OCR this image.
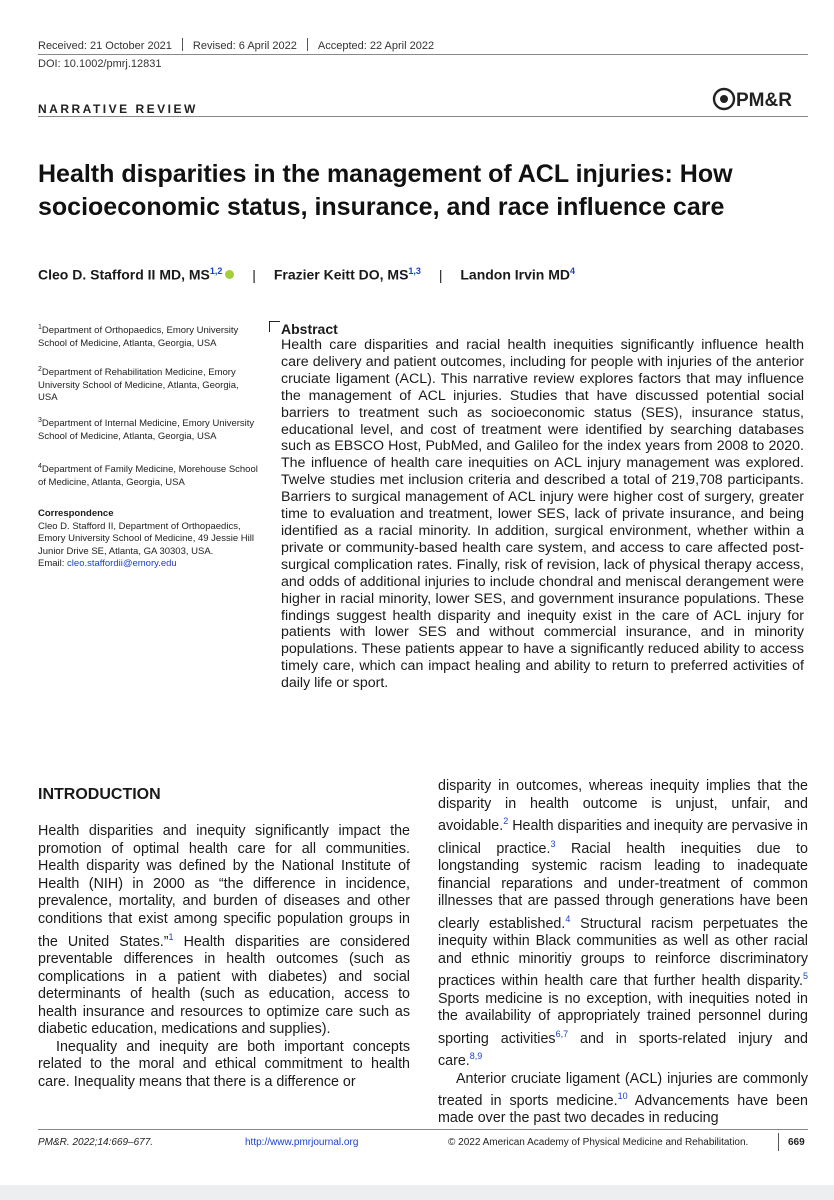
Received: 21 October 2021 Revised: 6 April 2022 Accepted: 22 April 2022
DOI: 10.1002/pmrj.12831
NARRATIVE REVIEW	PM&R
Health disparities in the management of ACL injuries: How socioeconomic status, insurance, and race influence care
Cleo D. Stafford II MD, MS$^{1,2}$ | Frazier Keitt DO, MS$^{1,3}$ | Landon Irvin $MD^4$
$^1$Department of Orthopaedics, Emory University School of Medicine, Atlanta, Georgia, USA
$^2$Department of Rehabilitation Medicine, Emory University School of Medicine, Atlanta, Georgia, USA
$^3$Department of Internal Medicine, Emory University School of Medicine, Atlanta, Georgia, USA
$^4$Department of Family Medicine, Morehouse School of Medicine, Atlanta, Georgia, USA
Correspondence
Cleo D. Stafford II, Department of Orthopaedics, Emory University School of Medicine, 49 Jessie Hill Junior Drive SE, Atlanta, GA 30303, USA.
Email: cleo.staffordii@emory.edu
Abstract
Health care disparities and racial health inequities significantly influence health care delivery and patient outcomes, including for people with injuries of the anterior cruciate ligament (ACL). This narrative review explores factors that may influence the management of ACL injuries. Studies that have discussed potential social barriers to treatment such as socioeconomic status (SES), insurance status, educational level, and cost of treatment were identified by searching databases such as EBSCO Host, PubMed, and Galileo for the index years from 2008 to 2020. The influence of health care inequities on ACL injury management was explored. Twelve studies met inclusion criteria and described a total of 219,708 participants. Barriers to surgical management of ACL injury were higher cost of surgery, greater time to evaluation and treatment, lower SES, lack of private insurance, and being identified as a racial minority. In addition, surgical environment, whether within a private or community-based health care system, and access to care affected post-surgical complication rates. Finally, risk of revision, lack of physical therapy access, and odds of additional injuries to include chondral and meniscal derangement were higher in racial minority, lower SES, and government insurance populations. These findings suggest health disparity and inequity exist in the care of ACL injury for patients with lower SES and without commercial insurance, and in minority populations. These patients appear to have a significantly reduced ability to access timely care, which can impact healing and ability to return to preferred activities of daily life or sport.
INTRODUCTION

Health disparities and inequity significantly impact the promotion of optimal health care for all communities. Health disparity was defined by the National Institute of Health (NIH) in 2000 as “the difference in incidence, prevalence, mortality, and burden of diseases and other conditions that exist among specific population groups in the United States.”$^1$ Health disparities are considered preventable differences in health outcomes (such as complications in a patient with diabetes) and social determinants of health (such as education, access to health insurance and resources to optimize care such as diabetic education, medications and supplies).

Inequality and inequity are both important concepts related to the moral and ethical commitment to health care. Inequality means that there is a difference or

disparity in outcomes, whereas inequity implies that the disparity in health outcome is unjust, unfair, and avoidable.$^2$ Health disparities and inequity are pervasive in clinical practice.$^3$ Racial health inequities due to longstanding systemic racism leading to inadequate financial reparations and under-treatment of common illnesses that are passed through generations have been clearly established.$^4$ Structural racism perpetuates the inequity within Black communities as well as other racial and ethnic minoritiy groups to reinforce discriminatory practices within health care that further health disparity.$^5$ Sports medicine is no exception, with inequities noted in the availability of appropriately trained personnel during sporting activities$^{6,7}$ and in sports-related injury and care.$^{8,9}$

Anterior cruciate ligament (ACL) injuries are commonly treated in sports medicine.$^{10}$ Advancements have been made over the past two decades in reducing

PM&R. 2022;14:669–677.	http://www.pmrjournal.org	© 2022 American Academy of Physical Medicine and Rehabilitation.	669
